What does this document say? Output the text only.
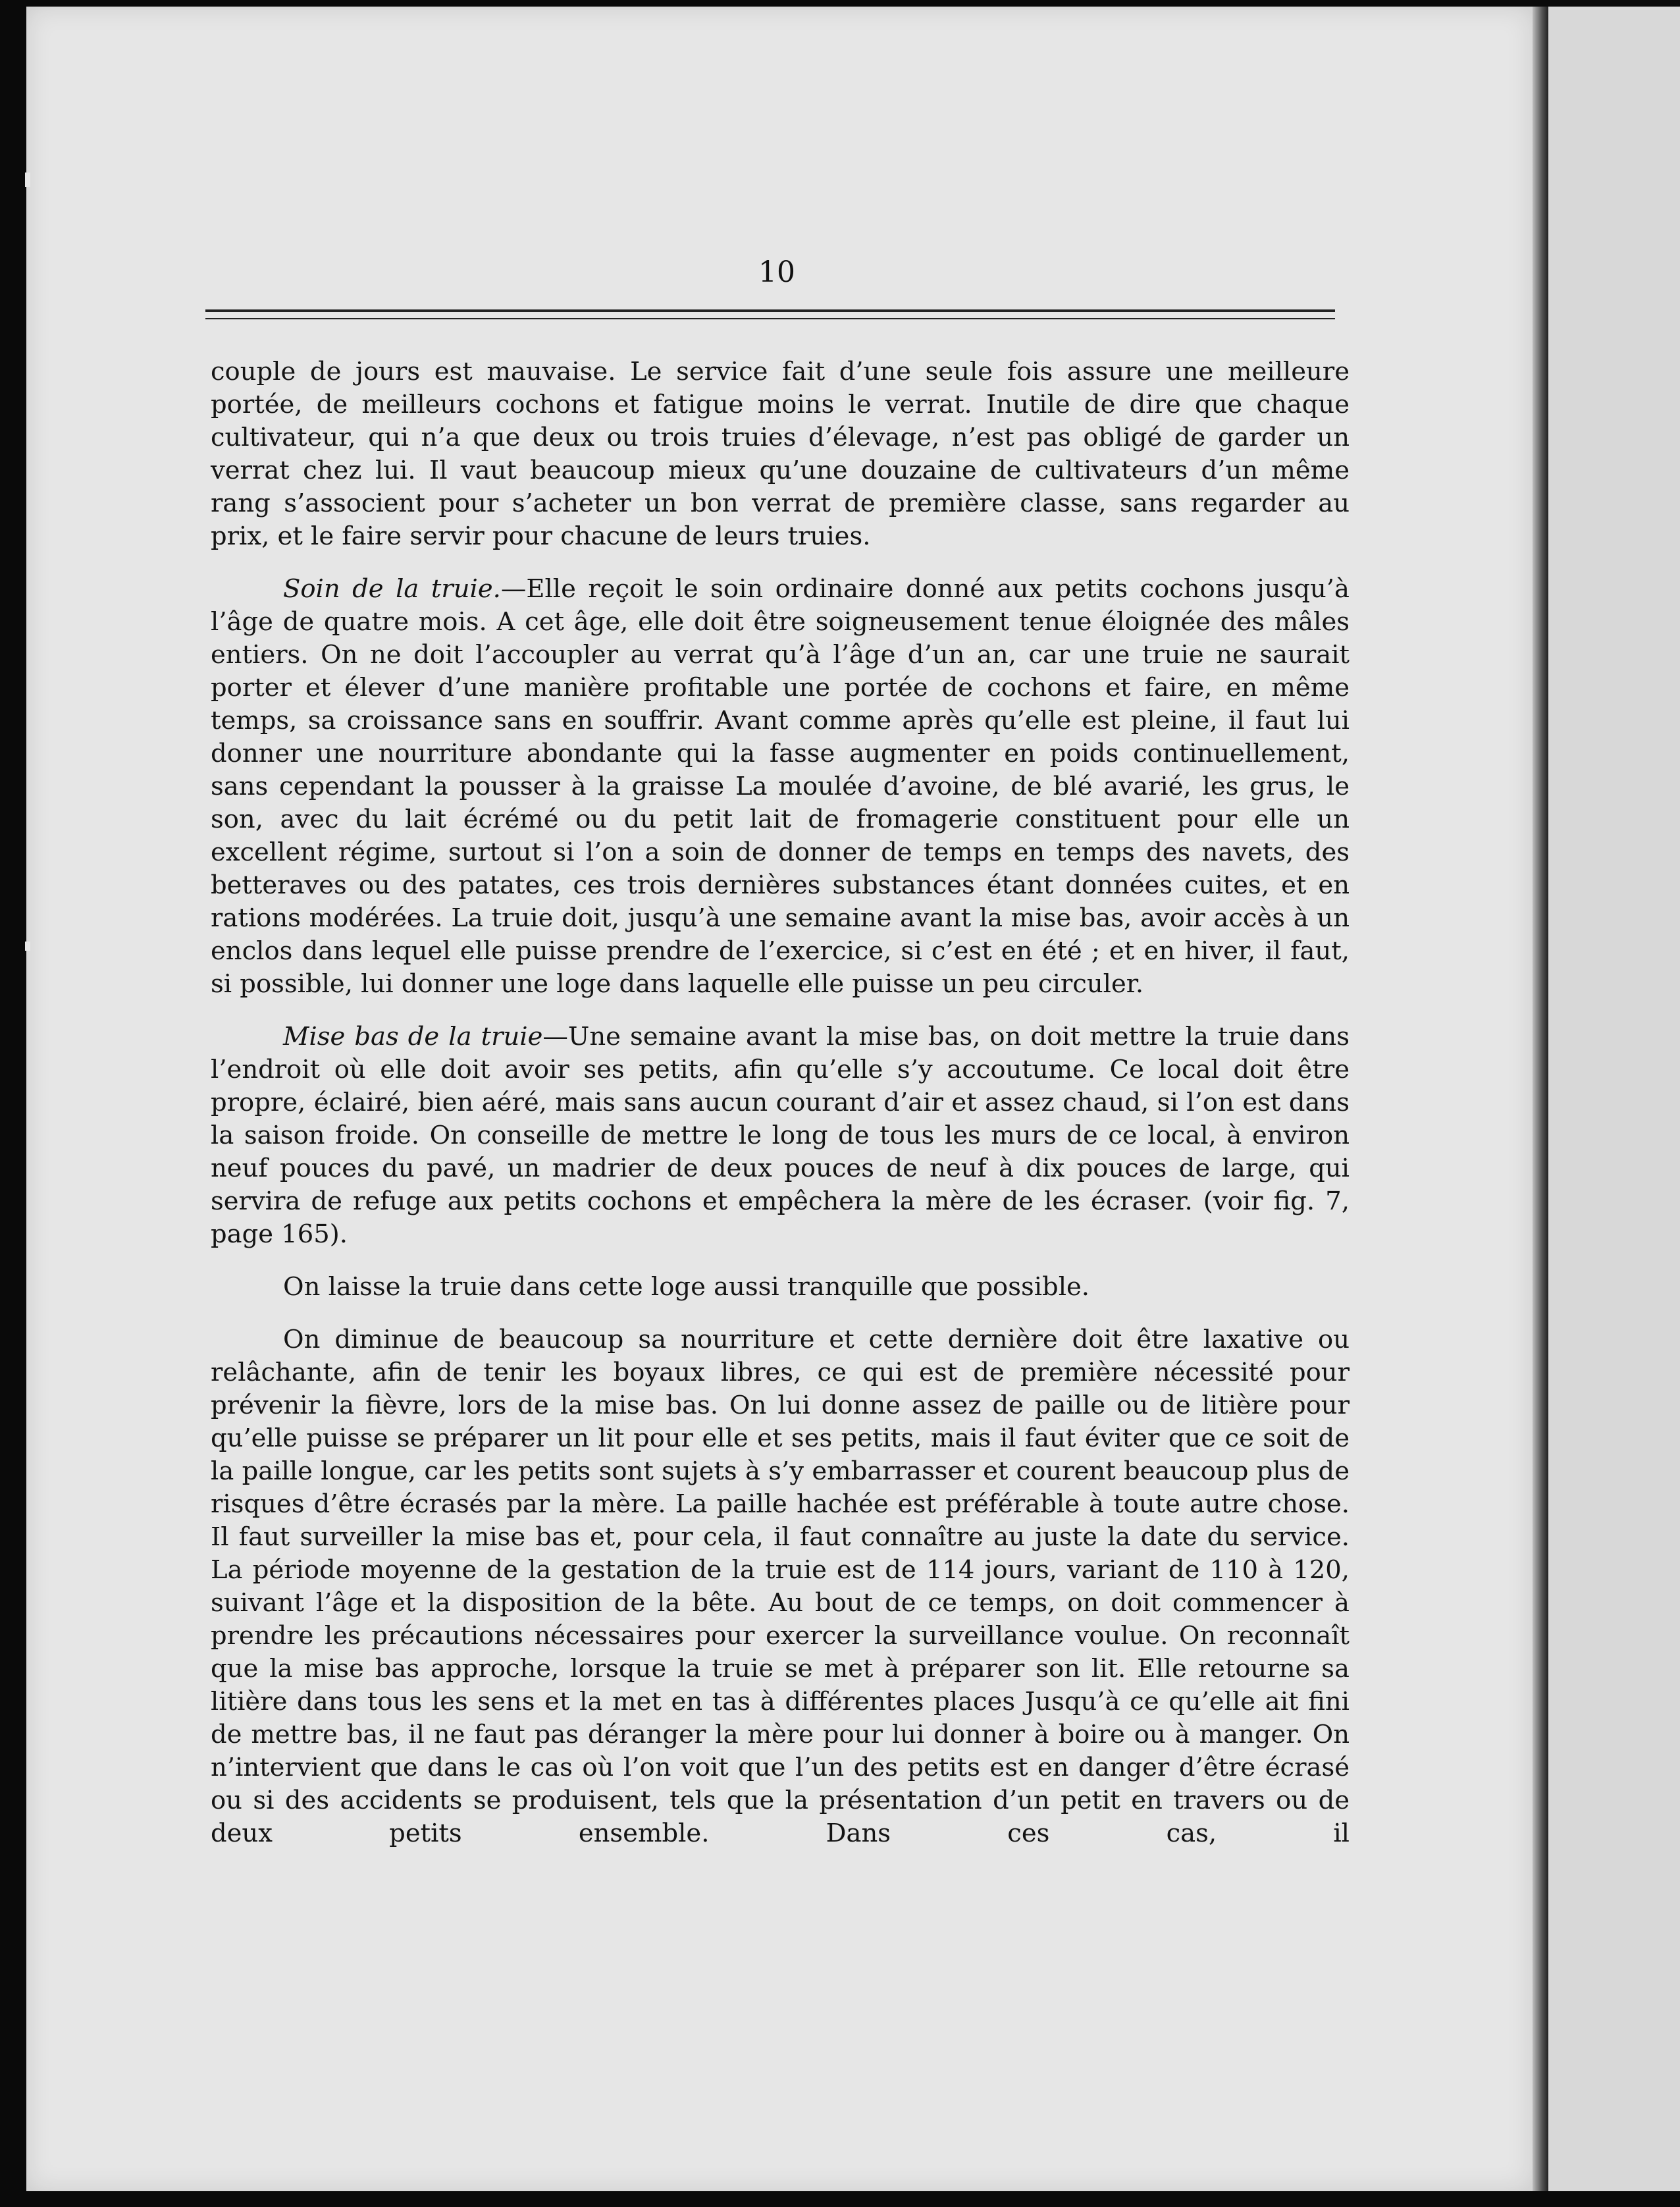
10

couple de jours est mauvaise. Le service fait d’une seule fois assure une meilleure portée, de meilleurs cochons et fatigue moins le verrat. Inutile de dire que chaque cultivateur, qui n’a que deux ou trois truies d’élevage, n’est pas obligé de garder un verrat chez lui. Il vaut beaucoup mieux qu’une douzaine de cultivateurs d’un même rang s’associent pour s’acheter un bon verrat de première classe, sans regarder au prix, et le faire servir pour chacune de leurs truies.

Soin de la truie.—Elle reçoit le soin ordinaire donné aux petits cochons jusqu’à l’âge de quatre mois. A cet âge, elle doit être soigneusement tenue éloignée des mâles entiers. On ne doit l’accoupler au verrat qu’à l’âge d’un an, car une truie ne saurait porter et élever d’une manière profitable une portée de cochons et faire, en même temps, sa croissance sans en souffrir. Avant comme après qu’elle est pleine, il faut lui donner une nourriture abondante qui la fasse augmenter en poids continuellement, sans cependant la pousser à la graisse La moulée d’avoine, de blé avarié, les grus, le son, avec du lait écrémé ou du petit lait de fromagerie constituent pour elle un excellent régime, surtout si l’on a soin de donner de temps en temps des navets, des betteraves ou des patates, ces trois dernières substances étant données cuites, et en rations modérées. La truie doit, jusqu’à une semaine avant la mise bas, avoir accès à un enclos dans lequel elle puisse prendre de l’exercice, si c’est en été ; et en hiver, il faut, si possible, lui donner une loge dans laquelle elle puisse un peu circuler.

Mise bas de la truie—Une semaine avant la mise bas, on doit mettre la truie dans l’endroit où elle doit avoir ses petits, afin qu’elle s’y accoutume. Ce local doit être propre, éclairé, bien aéré, mais sans aucun courant d’air et assez chaud, si l’on est dans la saison froide. On conseille de mettre le long de tous les murs de ce local, à environ neuf pouces du pavé, un madrier de deux pouces de neuf à dix pouces de large, qui servira de refuge aux petits cochons et empêchera la mère de les écraser. (voir fig. 7, page 165).

On laisse la truie dans cette loge aussi tranquille que possible.

On diminue de beaucoup sa nourriture et cette dernière doit être laxative ou relâchante, afin de tenir les boyaux libres, ce qui est de première nécessité pour prévenir la fièvre, lors de la mise bas. On lui donne assez de paille ou de litière pour qu’elle puisse se préparer un lit pour elle et ses petits, mais il faut éviter que ce soit de la paille longue, car les petits sont sujets à s’y embarrasser et courent beaucoup plus de risques d’être écrasés par la mère. La paille hachée est préférable à toute autre chose. Il faut surveiller la mise bas et, pour cela, il faut connaître au juste la date du service. La période moyenne de la gestation de la truie est de 114 jours, variant de 110 à 120, suivant l’âge et la disposition de la bête. Au bout de ce temps, on doit commencer à prendre les précautions nécessaires pour exercer la surveillance voulue. On reconnaît que la mise bas approche, lorsque la truie se met à préparer son lit. Elle retourne sa litière dans tous les sens et la met en tas à différentes places Jusqu’à ce qu’elle ait fini de mettre bas, il ne faut pas déranger la mère pour lui donner à boire ou à manger. On n’intervient que dans le cas où l’on voit que l’un des petits est en danger d’être écrasé ou si des accidents se produisent, tels que la présentation d’un petit en travers ou de deux petits ensemble. Dans ces cas, il
